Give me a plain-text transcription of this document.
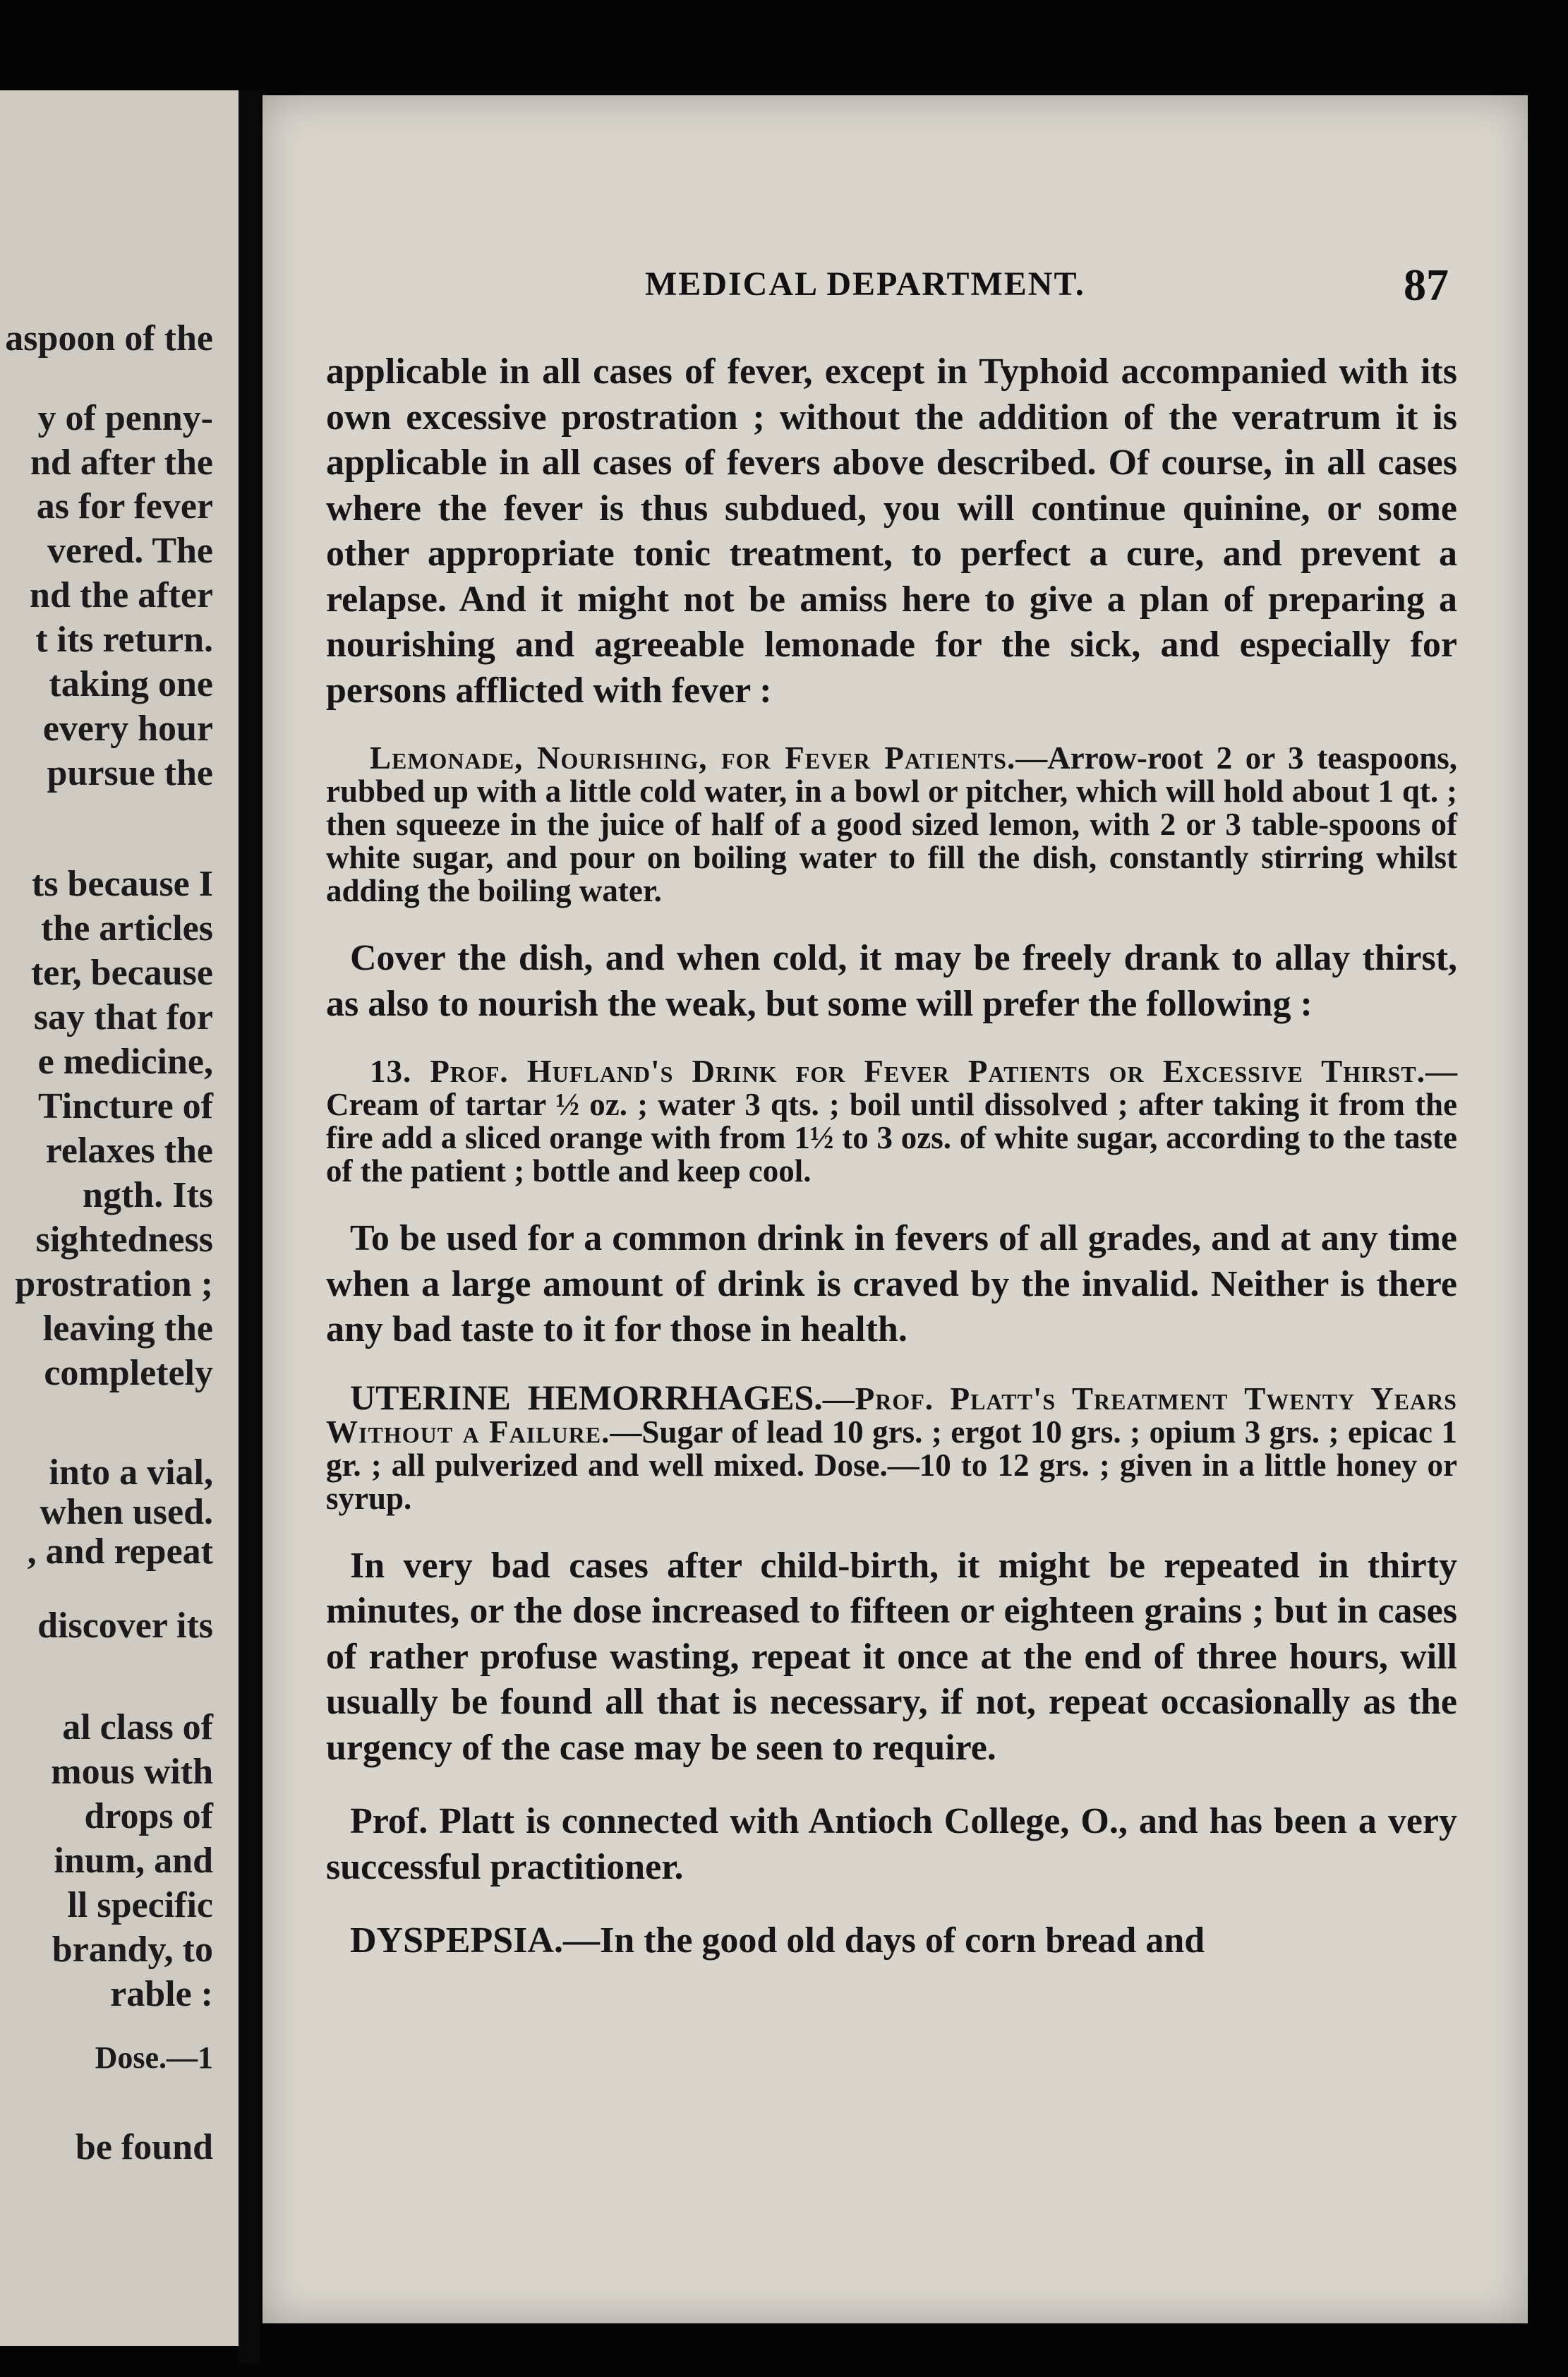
aspoon of the
y of penny-
nd after the
as for fever
vered. The
nd the after
t its return.
taking one
every hour
pursue the
ts because I
the articles
ter, because
say that for
e medicine,
Tincture of
relaxes the
ngth. Its
sightedness
prostration ;
leaving the
completely
into a vial,
when used.
, and repeat
discover its
al class of
mous with
drops of
inum, and
ll specific
brandy, to
rable :
Dose.—1
be found
MEDICAL DEPARTMENT.	87

applicable in all cases of fever, except in Typhoid accompanied with its own excessive prostration ; without the addition of the veratrum it is applicable in all cases of fevers above described. Of course, in all cases where the fever is thus subdued, you will continue quinine, or some other appropriate tonic treatment, to perfect a cure, and prevent a relapse. And it might not be amiss here to give a plan of preparing a nourishing and agreeable lemonade for the sick, and especially for persons afflicted with fever :

Lemonade, Nourishing, for Fever Patients.—Arrow-root 2 or 3 teaspoons, rubbed up with a little cold water, in a bowl or pitcher, which will hold about 1 qt. ; then squeeze in the juice of half of a good sized lemon, with 2 or 3 table-spoons of white sugar, and pour on boiling water to fill the dish, constantly stirring whilst adding the boiling water.

Cover the dish, and when cold, it may be freely drank to allay thirst, as also to nourish the weak, but some will prefer the following :

13. Prof. Hufland's Drink for Fever Patients or Excessive Thirst.—Cream of tartar ½ oz. ; water 3 qts. ; boil until dissolved ; after taking it from the fire add a sliced orange with from 1½ to 3 ozs. of white sugar, according to the taste of the patient ; bottle and keep cool.

To be used for a common drink in fevers of all grades, and at any time when a large amount of drink is craved by the invalid. Neither is there any bad taste to it for those in health.

UTERINE HEMORRHAGES.—Prof. Platt's Treatment Twenty Years Without a Failure.—Sugar of lead 10 grs. ; ergot 10 grs. ; opium 3 grs. ; epicac 1 gr. ; all pulverized and well mixed. Dose.—10 to 12 grs. ; given in a little honey or syrup.

In very bad cases after child-birth, it might be repeated in thirty minutes, or the dose increased to fifteen or eighteen grains ; but in cases of rather profuse wasting, repeat it once at the end of three hours, will usually be found all that is necessary, if not, repeat occasionally as the urgency of the case may be seen to require.

Prof. Platt is connected with Antioch College, O., and has been a very successful practitioner.

DYSPEPSIA.—In the good old days of corn bread and
